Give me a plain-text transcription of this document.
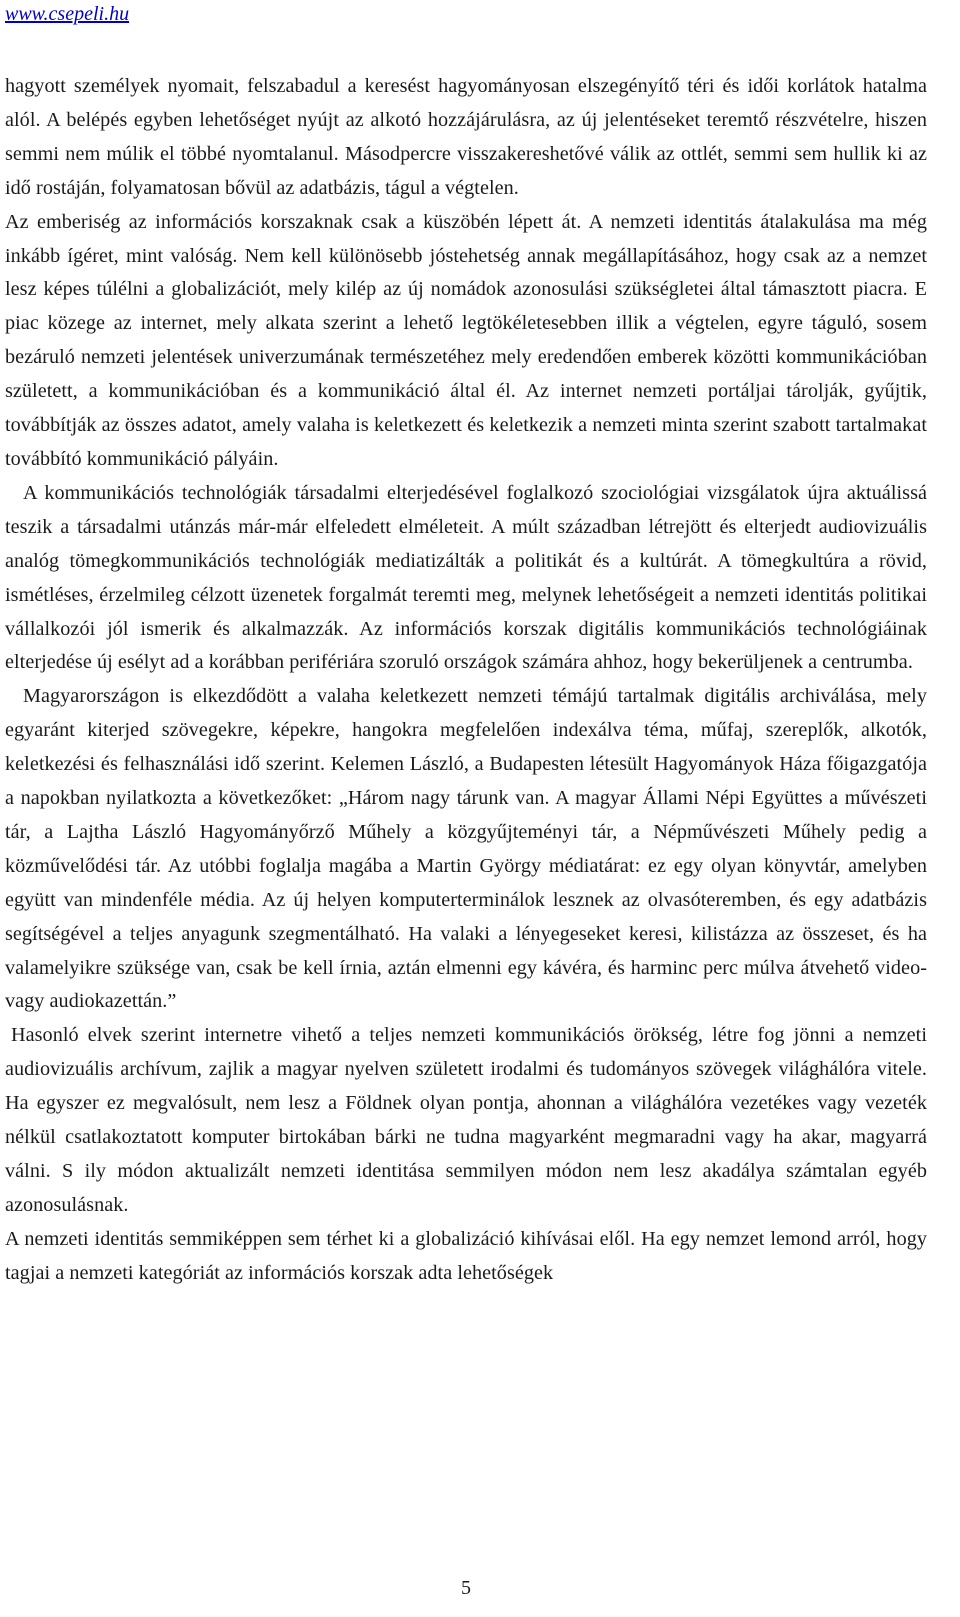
www.csepeli.hu

hagyott személyek nyomait, felszabadul a keresést hagyományosan elszegényítő téri és idői korlátok hatalma alól. A belépés egyben lehetőséget nyújt az alkotó hozzájárulásra, az új jelentéseket teremtő részvételre, hiszen semmi nem múlik el többé nyomtalanul. Másodpercre visszakereshetővé válik az ottlét, semmi sem hullik ki az idő rostáján, folyamatosan bővül az adatbázis, tágul a végtelen.

Az emberiség az információs korszaknak csak a küszöbén lépett át. A nemzeti identitás átalakulása ma még inkább ígéret, mint valóság. Nem kell különösebb jóstehetség annak megállapításához, hogy csak az a nemzet lesz képes túlélni a globalizációt, mely kilép az új nomádok azonosulási szükségletei által támasztott piacra. E piac közege az internet, mely alkata szerint a lehető legtökéletesebben illik a végtelen, egyre táguló, sosem bezáruló nemzeti jelentések univerzumának természetéhez mely eredendően emberek közötti kommunikációban született, a kommunikációban és a kommunikáció által él. Az internet nemzeti portáljai tárolják, gyűjtik, továbbítják az összes adatot, amely valaha is keletkezett és keletkezik a nemzeti minta szerint szabott tartalmakat továbbító kommunikáció pályáin.

A kommunikációs technológiák társadalmi elterjedésével foglalkozó szociológiai vizsgálatok újra aktuálissá teszik a társadalmi utánzás már-már elfeledett elméleteit. A múlt században létrejött és elterjedt audiovizuális analóg tömegkommunikációs technológiák mediatizálták a politikát és a kultúrát. A tömegkultúra a rövid, ismétléses, érzelmileg célzott üzenetek forgalmát teremti meg, melynek lehetőségeit a nemzeti identitás politikai vállalkozói jól ismerik és alkalmazzák. Az információs korszak digitális kommunikációs technológiáinak elterjedése új esélyt ad a korábban perifériára szoruló országok számára ahhoz, hogy bekerüljenek a centrumba.

Magyarországon is elkezdődött a valaha keletkezett nemzeti témájú tartalmak digitális archiválása, mely egyaránt kiterjed szövegekre, képekre, hangokra megfelelően indexálva téma, műfaj, szereplők, alkotók, keletkezési és felhasználási idő szerint. Kelemen László, a Budapesten létesült Hagyományok Háza főigazgatója a napokban nyilatkozta a következőket: „Három nagy tárunk van. A magyar Állami Népi Együttes a művészeti tár, a Lajtha László Hagyományőrző Műhely a közgyűjteményi tár, a Népművészeti Műhely pedig a közművelődési tár. Az utóbbi foglalja magába a Martin György médiatárat: ez egy olyan könyvtár, amelyben együtt van mindenféle média. Az új helyen komputerterminálok lesznek az olvasóteremben, és egy adatbázis segítségével a teljes anyagunk szegmentálható. Ha valaki a lényegeseket keresi, kilistázza az összeset, és ha valamelyikre szüksége van, csak be kell írnia, aztán elmenni egy kávéra, és harminc perc múlva átvehető video- vagy audiokazettán.”

Hasonló elvek szerint internetre vihető a teljes nemzeti kommunikációs örökség, létre fog jönni a nemzeti audiovizuális archívum, zajlik a magyar nyelven született irodalmi és tudományos szövegek világhálóra vitele. Ha egyszer ez megvalósult, nem lesz a Földnek olyan pontja, ahonnan a világhálóra vezetékes vagy vezeték nélkül csatlakoztatott komputer birtokában bárki ne tudna magyarként megmaradni vagy ha akar, magyarrá válni. S ily módon aktualizált nemzeti identitása semmilyen módon nem lesz akadálya számtalan egyéb azonosulásnak.

A nemzeti identitás semmiképpen sem térhet ki a globalizáció kihívásai elől. Ha egy nemzet lemond arról, hogy tagjai a nemzeti kategóriát az információs korszak adta lehetőségek

5
